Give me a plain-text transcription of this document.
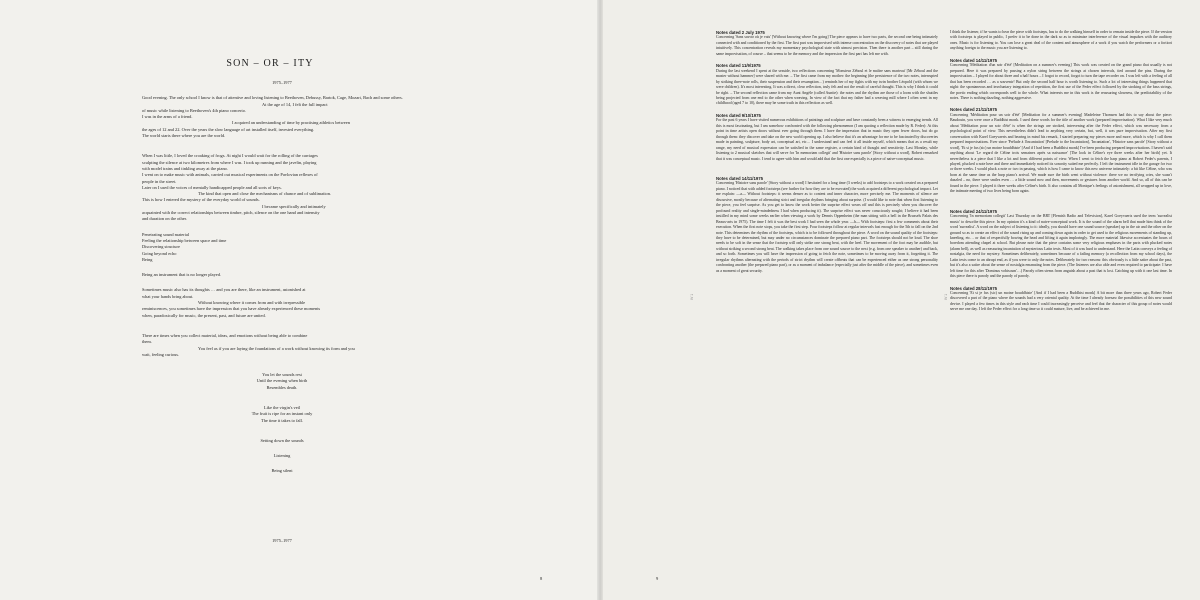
SON – OR – ITY
1975–1977

Good evening. The only school I know is that of attentive and loving listening to Beethoven, Debussy, Bartok, Cage, Mozart, Bach and some others.

At the age of 14, I felt the full impact

of music while listening to Beethoven's 4th piano concerto.

I was in the arms of a friend.

I acquired an understanding of time by practising athletics between

the ages of 12 and 22. Over the years the slow language of art installed itself, invested everything.

The world starts there where you are the world.

When I was little, I loved the croaking of frogs. At night I would wait for the rolling of the carriages

sculpting the silence at two kilometres from where I was. I took up running and the javelin, playing

with model trains and tinkling away at the piano.

I went on to make music with animals, carried out musical experiments on the Pavlovian reflexes of

people in the street.

Later on I used the voices of mentally handicapped people and all sorts of keys.

The kind that open and close the mechanisms of chance and of sublimation.

This is how I entered the mystery of the everyday world of sounds.

I became specifically and intimately

acquainted with the correct relationships between timbre, pitch, silence on the one hand and intensity

and duration on the other.

Penetrating sound material

Feeling the relationship between space and time

Discovering structure

Going beyond echo

Being

Being an instrument that is no longer played.

Sometimes music also has its thoughts … and you are there, like an instrument, astonished at

what your hands bring about.

Without knowing where it comes from and with irrepressible

reminiscences, you sometimes have the impression that you have already experienced these moments

when, paradoxically for music, the present, past, and future are united.

There are times when you collect material, ideas, and emotions without being able to combine

them.

You feel as if you are laying the foundations of a work without knowing its form and you

wait, feeling curious.

You let the sounds rest

Until the evening when birth

Resembles death.

Like the virgin's veil

The fruit is ripe for an instant only

The time it takes to fall.

Setting down the sounds

Listening

Being silent

1975–1977
8
IV 1	IV 1

Notes dated 2 July 1975

Concerning 'Sans savoir où je vais' [Without knowing where I'm going] The piece appears to have two parts, the second one being intimately connected with and conditioned by the first. The first part was improvised with intense concentration on the discovery of notes that are played intuitively. This concentration reveals my momentary psychological state with utmost precision. Then there is another part – still during the same improvisation, of course – that seems to be the memory and the impression the first part has left me with.

Notes dated 11/9/1975

During the last weekend I spent at the seaside, two reflections concerning 'Monsieur Zéboul et le maître sans marteau' [Mr Zéboul and the master without hammer] were shared with me. – The first came from my mother: the beginning (the persistence of the two notes, interrupted by striking three-note rolls, their suspension and their resumption…) reminds her of my fights with my twin brother Léopold (with whom we were children). It's most interesting. It was a direct, clear reflection, truly felt and not the result of careful thought. This is why I think it could be right. – The second reflection came from my Aunt Angèle (called Auntie): the notes and the rhythm are those of a loom with the shuttles being projected from one end to the other when weaving. In view of the fact that my father had a weaving mill where I often went in my childhood (aged 7 to 10), there may be some truth in this reflection as well.

Notes dated 9/10/1975

For the past 6 years I have visited numerous exhibitions of paintings and sculpture and have constantly been a witness to emerging trends. All this is most fascinating, but I am somehow confronted with the following phenomenon (I am quoting a reflection made by R. Feder): At this point in time artists open doors without ever going through them. I have the impression that in music they open fewer doors, but do go through them: they discover and take on the new world opening up. I also believe that it's an advantage for me to be fascinated by discoveries made in painting, sculpture, body art, conceptual art, etc… I understand and can feel it all inside myself, which means that as a result my range, my need of musical expression can be satisfied in the same register, a certain kind of thought and sensitivity. Last Monday, while listening to 2 musical sketches that will serve for 'In memoriam collegii' and 'Histoire sans parole' [Story without a word], Robert remarked that it was conceptual music. I tend to agree with him and would add that the first one especially is a piece of naive-conceptual music.

Notes dated 14/11/1975

Concerning 'Histoire sans parole' [Story without a word] I hesitated for a long time (3 weeks) to add footsteps to a work created on a prepared piano. I noticed that with added footsteps (see further for how they are to be executed) the work acquired a different psychological impact. Let me explain: —a— Without footsteps: it seems denser as to content and inner character, more precisely me. The moments of silence are discursive, mostly because of alternating strict and irregular rhythms bringing about surprise. (I would like to note that when first listening to the piece, you feel surprise. As you get to know the work better the surprise effect wears off and this is precisely when you discover the profound reality and single-mindedness I had when producing it). The surprise effect was never consciously sought; I believe it had been instilled in my mind some weeks earlier when viewing a work by Dennis Oppenheim (the man sitting with a bell in the Brussels Palais des Beaux-arts in 1975). The time I felt it was the best work I had seen the whole year. —b— With footsteps: first a few comments about their execution. When the first note stops, you take the first step. Four footsteps follow at regular intervals fast enough for the 5th to fall on the 2nd note. This determines the rhythm of the footsteps, which is to be followed throughout the piece. A word on the sound quality of the footsteps: they have to be determined, but may under no circumstances dominate the prepared piano part. The footsteps should not be loud. The shoe needs to be soft in the sense that the footstep will only strike one strong beat, with the heel. The movement of the foot may be audible, but without striking a second strong beat. The walking takes place from one sound source to the next (e.g. from one speaker to another) and back, and so forth. Sometimes you will have the impression of going to fetch the note, sometimes to be moving away from it, forgetting it. The irregular rhythms alternating with the periods of strict rhythm will create offbeats that can be experienced either as one strong personality confronting another (the prepared piano part), or as a moment of imbalance (especially just after the middle of the piece), and sometimes even as a moment of great security.

I think the listener, if he wants to hear the piece with footsteps, has to do the walking himself in order to remain inside the piece. If the version with footsteps is played in public, I prefer it to be done in the dark so as to minimize interference of the visual impulses with the auditory ones. Music is for listening to. You can lose a great deal of the content and atmosphere of a work if you watch the performers or a fortiori anything foreign to the music you are listening to.

Notes dated 14/11/1975

Concerning 'Méditation d'un soir d'été' [Meditation on a summer's evening] This work was created on the grand piano that usually is not prepared. Here it was prepared by passing a nylon string between the strings at chosen intervals, tied around the pins. During the improvisation – I played for about three and a half hours – I forgot to record, forgot to turn the tape recorder on. I was left with a feeling of all that has been recorded … as a souvenir! But only the second half hour is worth listening to. Such a lot of interesting things happened that night: the spontaneous and involuntary integration of repetition, the first use of the Feder effect followed by the stroking of the bass strings, the poetic ending which corresponds well to the whole. What interests me in this work is the reassuring slowness, the predictability of the notes. There is nothing dazzling, nothing aggressive.

Notes dated 21/11/1975

Concerning 'Méditation pour un soir d'été' [Meditation for a summer's evening] Madeleine Thomsen had this to say about the piece: Baudouin, you were once a Buddhist monk. I used these words for the title of another work (prepared improvisation). What I like very much about 'Méditation pour un soir d'été' is when the strings are stroked, intervening after the Feder effect, which was necessary from a psychological point of view. This nevertheless didn't lead to anything very certain, but, well, it was pure improvisation. After my first conversation with Karel Goeyvaerts and bearing in mind his remark, I started preparing my pieces more and more, which is why I call them prepared improvisations. Ever since 'Prélude à l'incantation' [Prelude to the Incantation], 'Incantation', 'Histoire sans parole' [Story without a word], 'Et si je fus (sic) un moine bouddhiste' [And if I had been a Buddhist monk] I've been producing prepared improvisations. I haven't said anything about 'Le regard de Céline trois semaines après sa naissance' [The look in Céline's eye three weeks after her birth] yet. It nevertheless is a piece that I like a lot and from different points of view. When I went to fetch the harp piano at Robert Feder's parents, I played, plucked a note here and there and immediately noticed its sonority suited me perfectly. I left the instrument idle in the garage for two or three weeks. I would pluck a note or two in passing, which is how I came to know this new universe intimately: a bit like Céline, who was born at the same time as the harp piano's arrival. We made sure the birth went without violence: there we no terrifying cries, she wasn't dazzled – no, there were smiles even … a little sound now and then, movements or gestures from another world. And so, all of this can be found in the piece. I played it three weeks after Céline's birth. It also contains all Monique's feelings of astonishment, all wrapped up in love, the intimate meeting of two lives being born again.

Notes dated 24/11/1975

Concerning 'In memoriam collegii' Last Thursday on the BRT [Flemish Radio and Television], Karel Goeyvaerts used the term 'surrealist music' to describe this piece. In my opinion it's a kind of naive-conceptual work. It is the sound of the alarm bell that made him think of the word 'surrealist'. A word on the subject of listening to it: ideally, you should have one sound source (speaker) up in the air and the other on the ground so as to create an effect of the sound rising up and coming down again in order to get used to the religious movements of standing up, kneeling, etc… or that of respectfully bowing the head and lifting it again imploringly. The more material likewise accentuates the hours of boredom attending chapel at school. But please note that the piece contains some very religious emphases in the parts with plucked notes (alarm bell), as well as reassuring incantation of mysterious Latin texts. Most of it was hard to understand. Here the Latin conveys a feeling of nostalgia, the need for mystery. Sometimes deliberately, sometimes because of a failing memory (a recollection from my school days), the Latin texts come to an abrupt end, as if you were to only the notes. Deliberately for two reasons: this obviously is a little satire about the past, but it's also a satire about the sense of nostalgia emanating from the piece. (The listeners are also able and even required to participate: I have left time for this after 'Dominus vobiscum'…) Parody often stems from anguish about a past that is lost. Catching up with it one last time. In this piece there is parody and the parody of parody.

Notes dated 28/11/1975

Concerning 'Et si je fus (sic) un moine bouddhiste' [And if I had been a Buddhist monk] A bit more than three years ago, Robert Feder discovered a part of the piano where the sounds had a very oriental quality. At the time I already foresaw the possibilities of this new sound device. I played a few times in this style and each time I could increasingly perceive and feel that the character of this group of notes would serve me one day. I left the Feder effect for a long time so it could mature, live, and be achieved in me.

9
